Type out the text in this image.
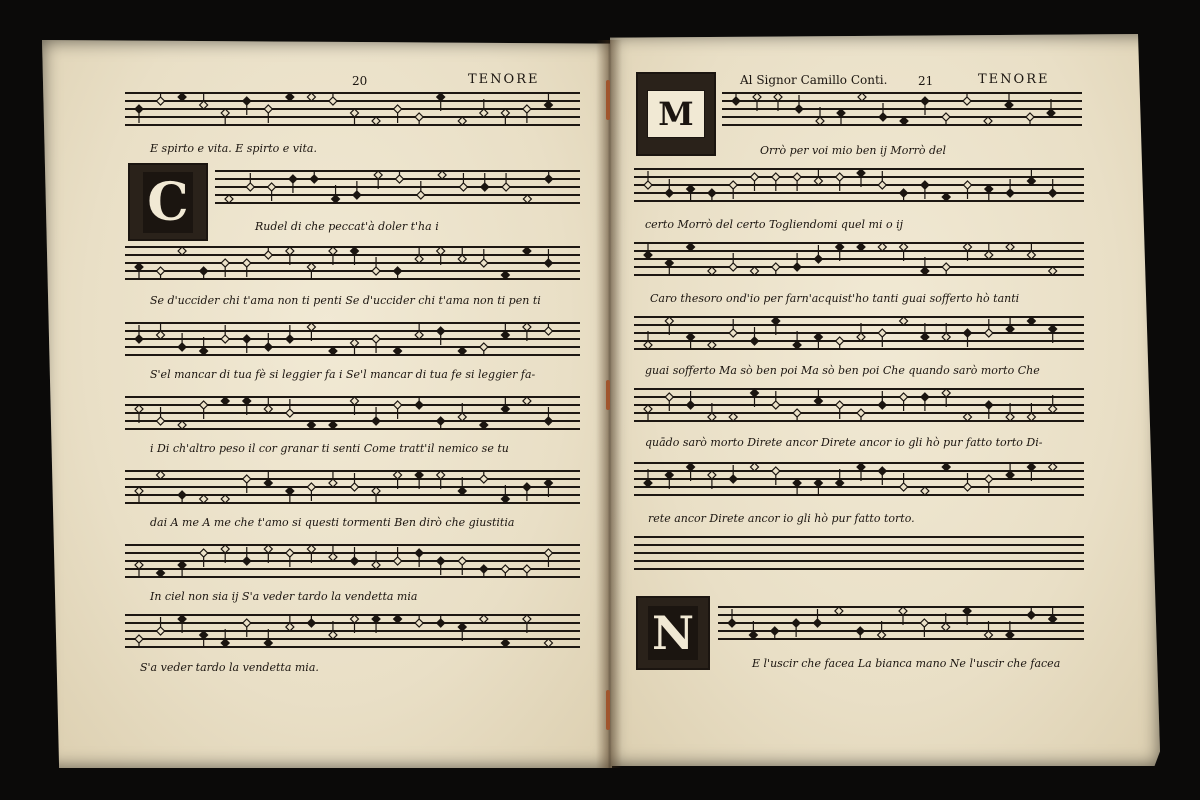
20	TENORE
E spirto e vita. E spirto e vita.
C	Rudel di che peccat'à doler t'ha i
Se d'uccider chi t'ama non ti penti Se d'uccider chi t'ama non ti pen ti
S'el mancar di tua fè si leggier fa i Se'l mancar di tua fe si leggier fa-
i Di ch'altro peso il cor granar ti senti Come tratt'il nemico se tu
dai A me A me che t'amo si questi tormenti Ben dirò che giustitia
In ciel non sia ij S'a veder tardo la vendetta mia
S'a veder tardo la vendetta mia.
M
Al Signor Camillo Conti.	21	TENORE
Orrò per voi mio ben ij Morrò del
certo Morrò del certo Togliendomi quel mi o ij
Caro thesoro ond'io per farn'acquist'ho tanti guai sofferto hò tanti
guai sofferto Ma sò ben poi Ma sò ben poi Che quando sarò morto Che
quādo sarò morto Direte ancor Direte ancor io gli hò pur fatto torto Di-
rete ancor Direte ancor io gli hò pur fatto torto.
N
E l'uscir che facea La bianca mano Ne l'uscir che facea
